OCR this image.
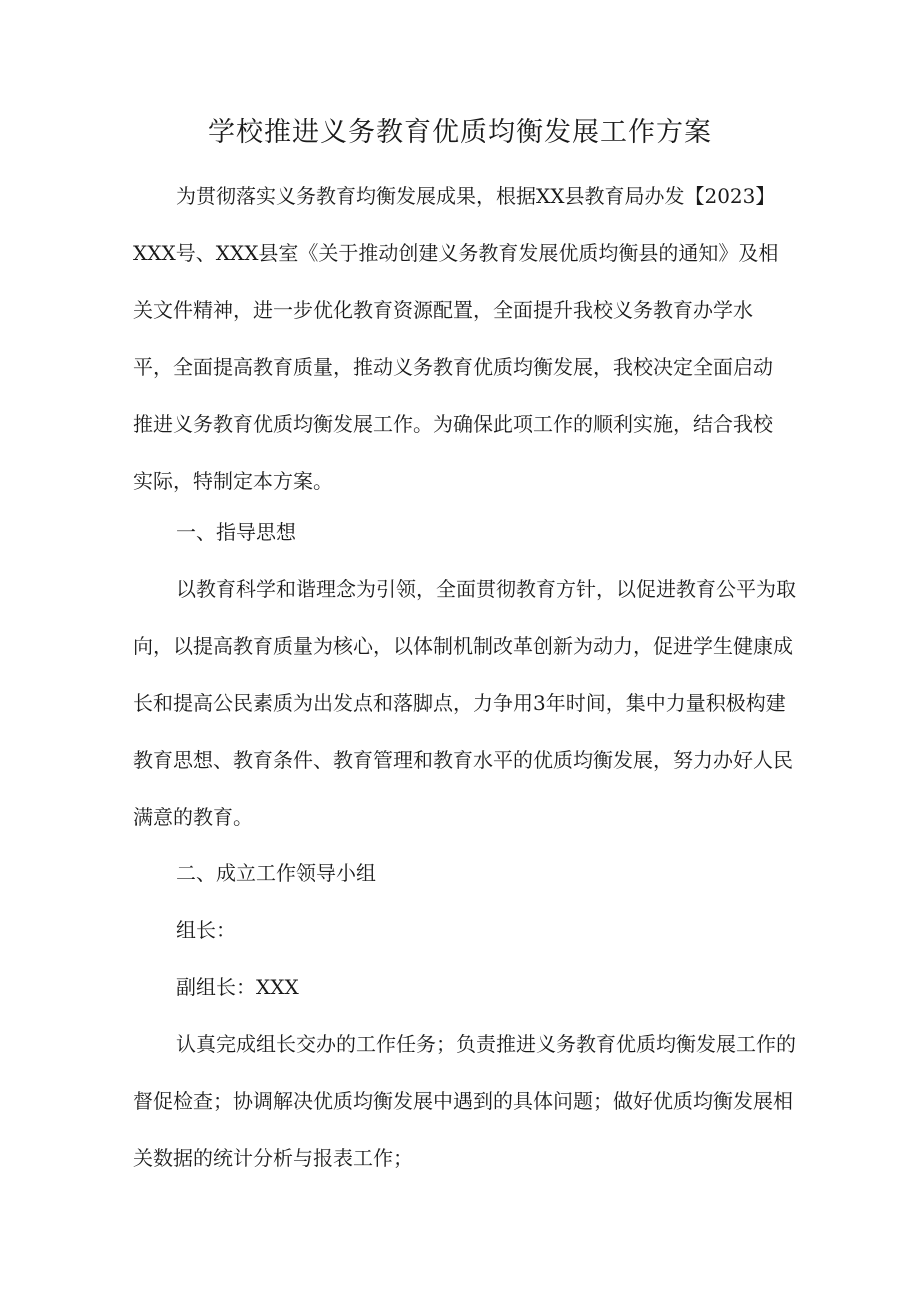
学校推进义务教育优质均衡发展工作方案
为贯彻落实义务教育均衡发展成果，根据XX县教育局办发【2023】
XXX号、XXX县室《关于推动创建义务教育发展优质均衡县的通知》及相
关文件精神，进一步优化教育资源配置，全面提升我校义务教育办学水
平，全面提高教育质量，推动义务教育优质均衡发展，我校决定全面启动
推进义务教育优质均衡发展工作。为确保此项工作的顺利实施，结合我校
实际，特制定本方案。
一、指导思想
以教育科学和谐理念为引领，全面贯彻教育方针，以促进教育公平为取
向，以提高教育质量为核心，以体制机制改革创新为动力，促进学生健康成
长和提高公民素质为出发点和落脚点，力争用3年时间，集中力量积极构建
教育思想、教育条件、教育管理和教育水平的优质均衡发展，努力办好人民
满意的教育。
二、成立工作领导小组
组长：
副组长：XXX
认真完成组长交办的工作任务；负责推进义务教育优质均衡发展工作的
督促检查；协调解决优质均衡发展中遇到的具体问题；做好优质均衡发展相
关数据的统计分析与报表工作；
